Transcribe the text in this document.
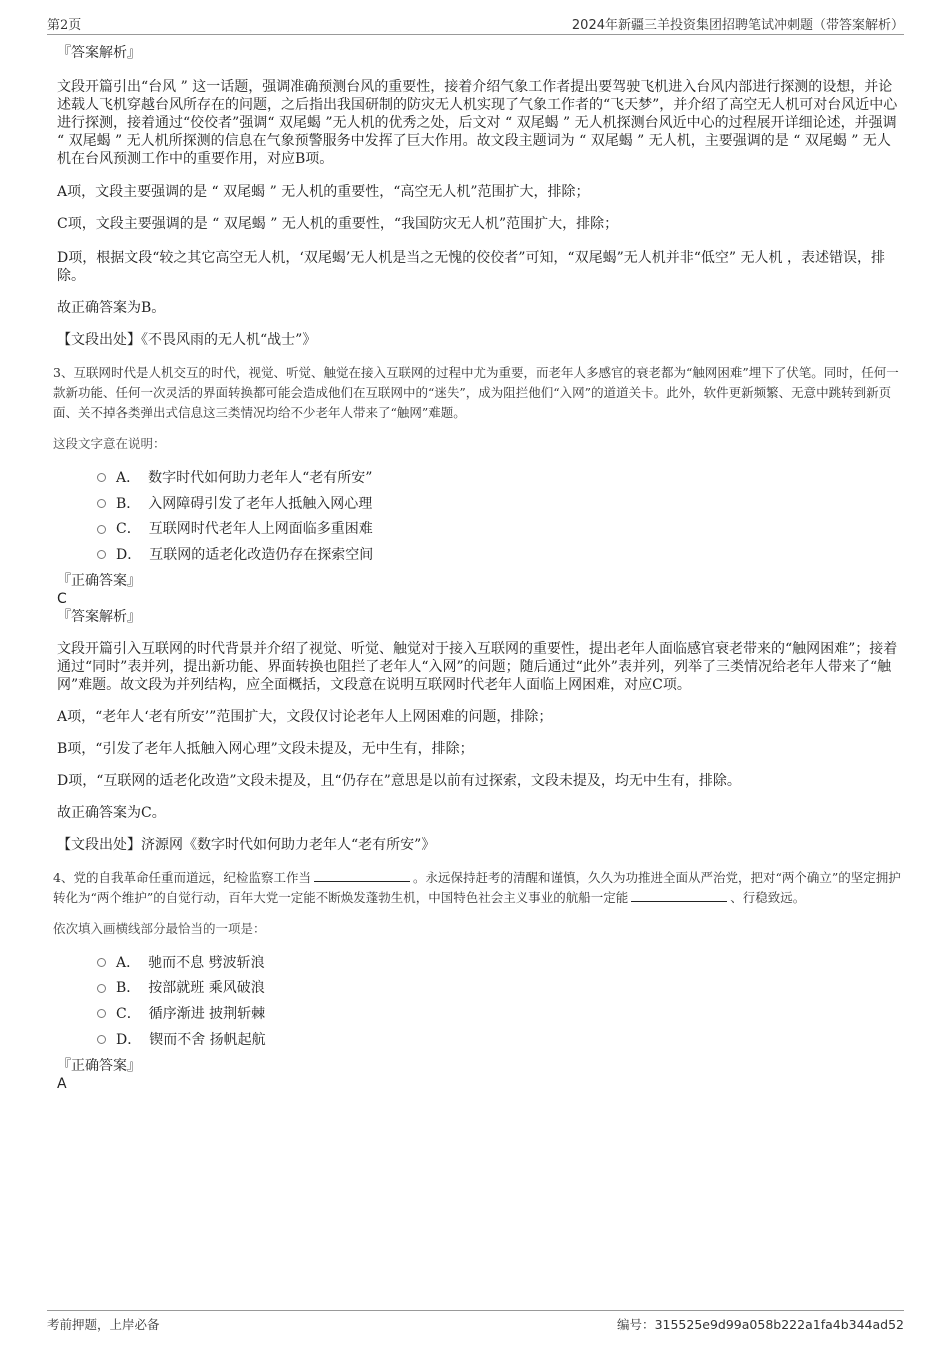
第2页	2024年新疆三羊投资集团招聘笔试冲刺题（带答案解析）

『答案解析』

文段开篇引出“台风 ” 这一话题，强调准确预测台风的重要性，接着介绍气象工作者提出要驾驶飞机进入台风内部进行探测的设想，并论述载人飞机穿越台风所存在的问题，之后指出我国研制的防灾无人机实现了气象工作者的“飞天梦”，并介绍了高空无人机可对台风近中心进行探测，接着通过“佼佼者”强调“ 双尾蝎 ”无人机的优秀之处，后文对 “ 双尾蝎 ” 无人机探测台风近中心的过程展开详细论述，并强调 “ 双尾蝎 ” 无人机所探测的信息在气象预警服务中发挥了巨大作用。故文段主题词为 “ 双尾蝎 ” 无人机，主要强调的是 “ 双尾蝎 ” 无人机在台风预测工作中的重要作用，对应B项。

A项，文段主要强调的是 “ 双尾蝎 ” 无人机的重要性，“高空无人机”范围扩大，排除；

C项，文段主要强调的是 “ 双尾蝎 ” 无人机的重要性，“我国防灾无人机”范围扩大，排除；

D项，根据文段“较之其它高空无人机，‘双尾蝎’无人机是当之无愧的佼佼者”可知，“双尾蝎”无人机并非“低空” 无人机 ，表述错误，排除。

故正确答案为B。

【文段出处】《不畏风雨的无人机“战士”》

3、互联网时代是人机交互的时代，视觉、听觉、触觉在接入互联网的过程中尤为重要，而老年人多感官的衰老都为“触网困难”埋下了伏笔。同时，任何一款新功能、任何一次灵活的界面转换都可能会造成他们在互联网中的“迷失”，成为阻拦他们“入网”的道道关卡。此外，软件更新频繁、无意中跳转到新页面、关不掉各类弹出式信息这三类情况均给不少老年人带来了“触网”难题。

这段文字意在说明：

A． 数字时代如何助力老年人“老有所安”
B． 入网障碍引发了老年人抵触入网心理
C． 互联网时代老年人上网面临多重困难
D． 互联网的适老化改造仍存在探索空间

『正确答案』

C

『答案解析』

文段开篇引入互联网的时代背景并介绍了视觉、听觉、触觉对于接入互联网的重要性，提出老年人面临感官衰老带来的“触网困难”；接着通过“同时”表并列，提出新功能、界面转换也阻拦了老年人“入网”的问题；随后通过“此外”表并列，列举了三类情况给老年人带来了“触网”难题。故文段为并列结构，应全面概括，文段意在说明互联网时代老年人面临上网困难，对应C项。

A项，“老年人‘老有所安’”范围扩大，文段仅讨论老年人上网困难的问题，排除；

B项，“引发了老年人抵触入网心理”文段未提及，无中生有，排除；

D项，“互联网的适老化改造”文段未提及，且“仍存在”意思是以前有过探索，文段未提及，均无中生有，排除。

故正确答案为C。

【文段出处】济源网《数字时代如何助力老年人“老有所安”》

4、党的自我革命任重而道远，纪检监察工作当	。永远保持赶考的清醒和谨慎，久久为功推进全面从严治党，把对“两个确立”的坚定拥护转化为“两个维护”的自觉行动，百年大党一定能不断焕发蓬勃生机，中国特色社会主义事业的航船一定能	、行稳致远。

依次填入画横线部分最恰当的一项是：

A． 驰而不息 劈波斩浪
B． 按部就班 乘风破浪
C． 循序渐进 披荆斩棘
D． 锲而不舍 扬帆起航

『正确答案』

A

考前押题，上岸必备	编号：315525e9d99a058b222a1fa4b344ad52
